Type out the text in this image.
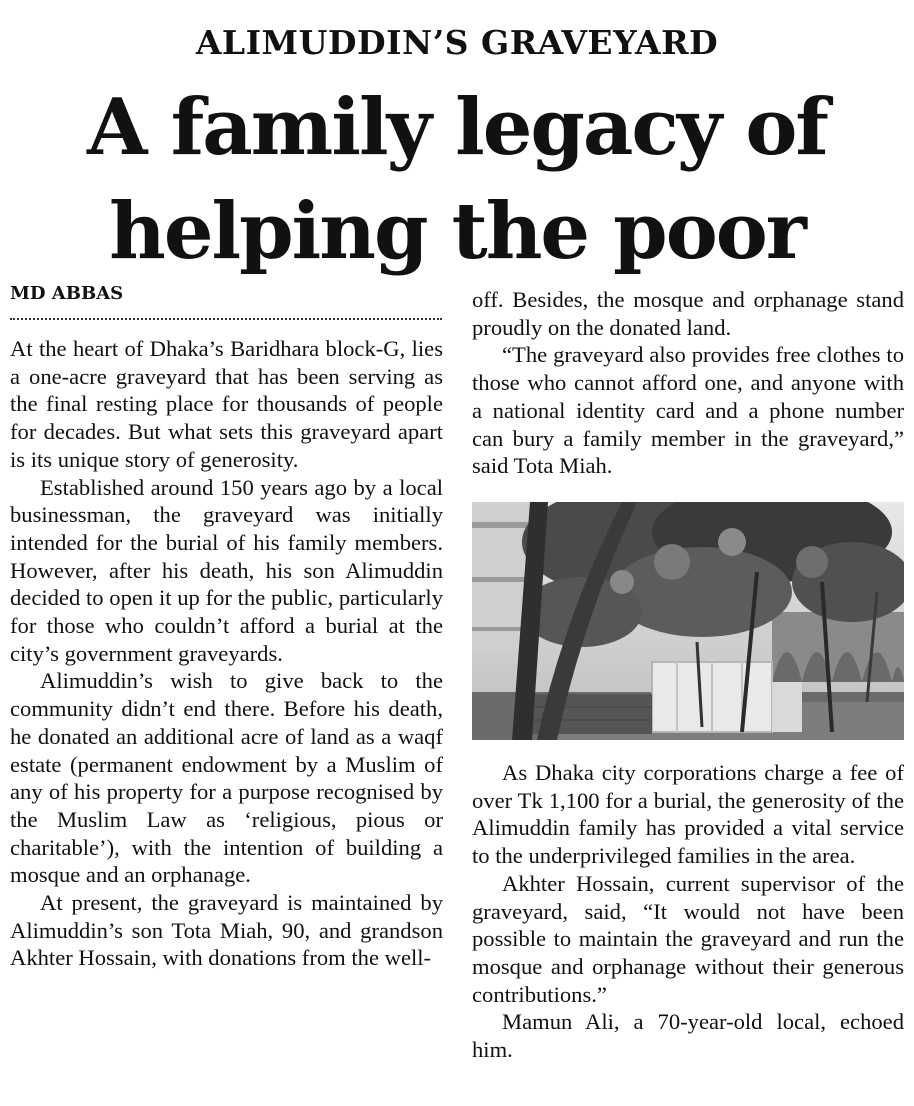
ALIMUDDIN’S GRAVEYARD
A family legacy of
helping the poor
MD ABBAS

At the heart of Dhaka’s Baridhara block-G, lies a one-acre graveyard that has been serving as the final resting place for thousands of people for decades. But what sets this graveyard apart is its unique story of generosity.

Established around 150 years ago by a local businessman, the graveyard was initially intended for the burial of his family members. However, after his death, his son Alimuddin decided to open it up for the public, particularly for those who couldn’t afford a burial at the city’s government graveyards.

Alimuddin’s wish to give back to the community didn’t end there. Before his death, he donated an additional acre of land as a waqf estate (permanent endowment by a Muslim of any of his property for a purpose recognised by the Muslim Law as ‘religious, pious or charitable’), with the intention of building a mosque and an orphanage.

At present, the graveyard is maintained by Alimuddin’s son Tota Miah, 90, and grandson Akhter Hossain, with donations from the well-

off. Besides, the mosque and orphanage stand proudly on the donated land.

“The graveyard also provides free clothes to those who cannot afford one, and anyone with a national identity card and a phone number can bury a family member in the graveyard,” said Tota Miah.

As Dhaka city corporations charge a fee of over Tk 1,100 for a burial, the generosity of the Alimuddin family has provided a vital service to the underprivileged families in the area.

Akhter Hossain, current supervisor of the graveyard, said, “It would not have been possible to maintain the graveyard and run the mosque and orphanage without their generous contributions.”

Mamun Ali, a 70-year-old local, echoed him.
